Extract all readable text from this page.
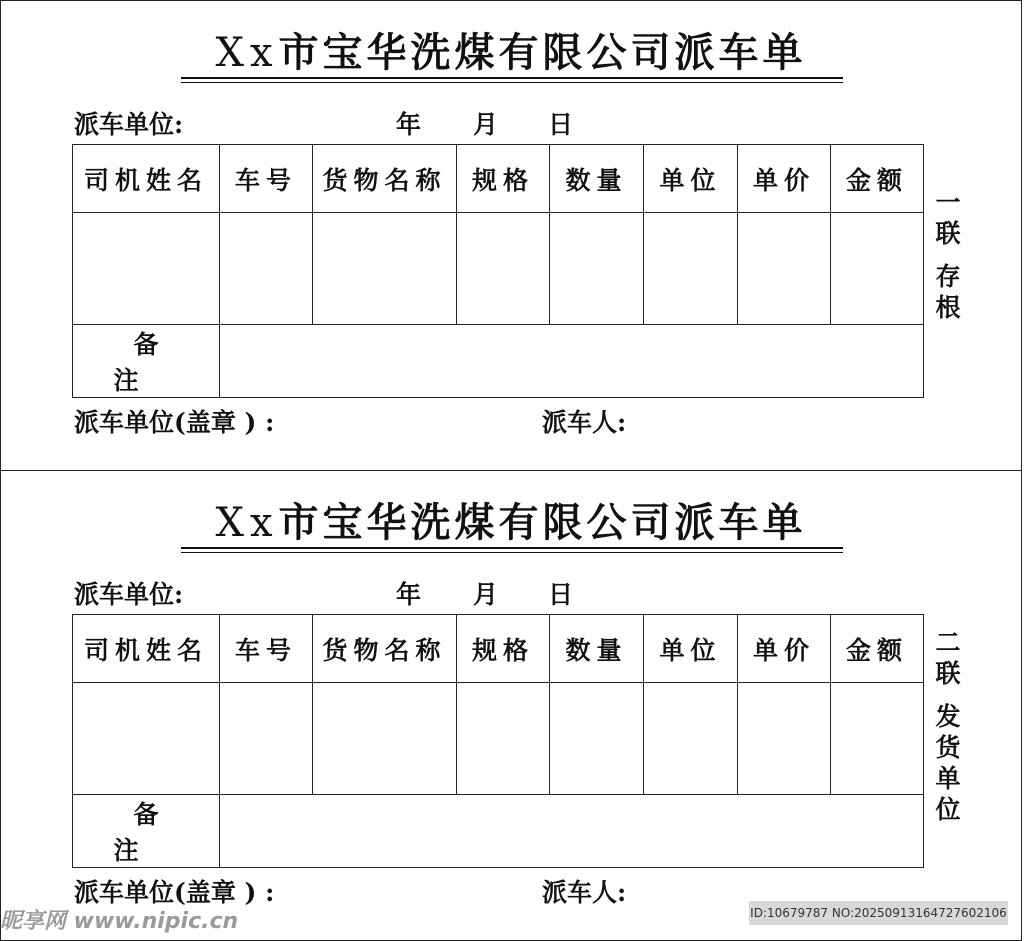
Xx市宝华洗煤有限公司派车单
派车单位:	年 月 日
司机姓名	车号	货物名称	规格	数量	单位	单价	金额

备注							
一
联
存
根
派车单位(盖章 ) :	派车人:
Xx市宝华洗煤有限公司派车单
派车单位:	年 月 日
司机姓名	车号	货物名称	规格	数量	单位	单价	金额

备注							
二
联
发
货
单
位
派车单位(盖章 ) :	派车人:
昵享网 www.nipic.cn	ID:10679787 NO:20250913164727602106
